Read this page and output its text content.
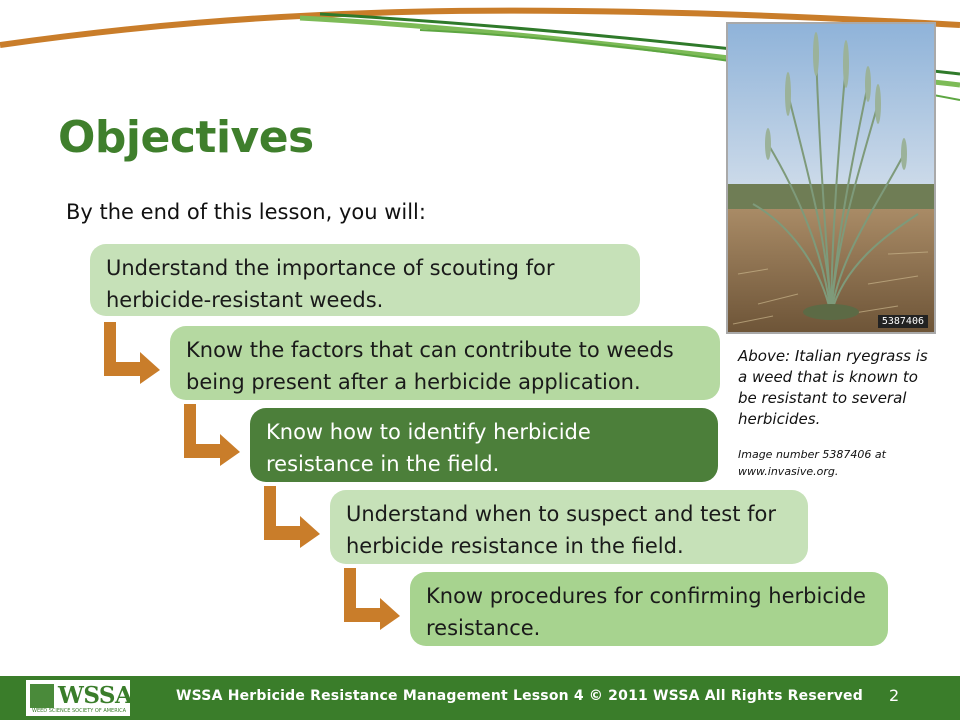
Objectives
By the end of this lesson, you will:
Understand the importance of scouting for herbicide-resistant weeds.
Know the factors that can contribute to weeds being present after a herbicide application.
Know how to identify herbicide resistance in the field.
Understand when to suspect and test for herbicide resistance in the field.
Know procedures for confirming herbicide resistance.
5387406
Above: Italian ryegrass is a weed that is known to be resistant to several herbicides.
Image number 5387406 at www.invasive.org.
WSSA
WEED SCIENCE SOCIETY OF AMERICA
WSSA Herbicide Resistance Management Lesson 4 © 2011 WSSA All Rights Reserved 2
